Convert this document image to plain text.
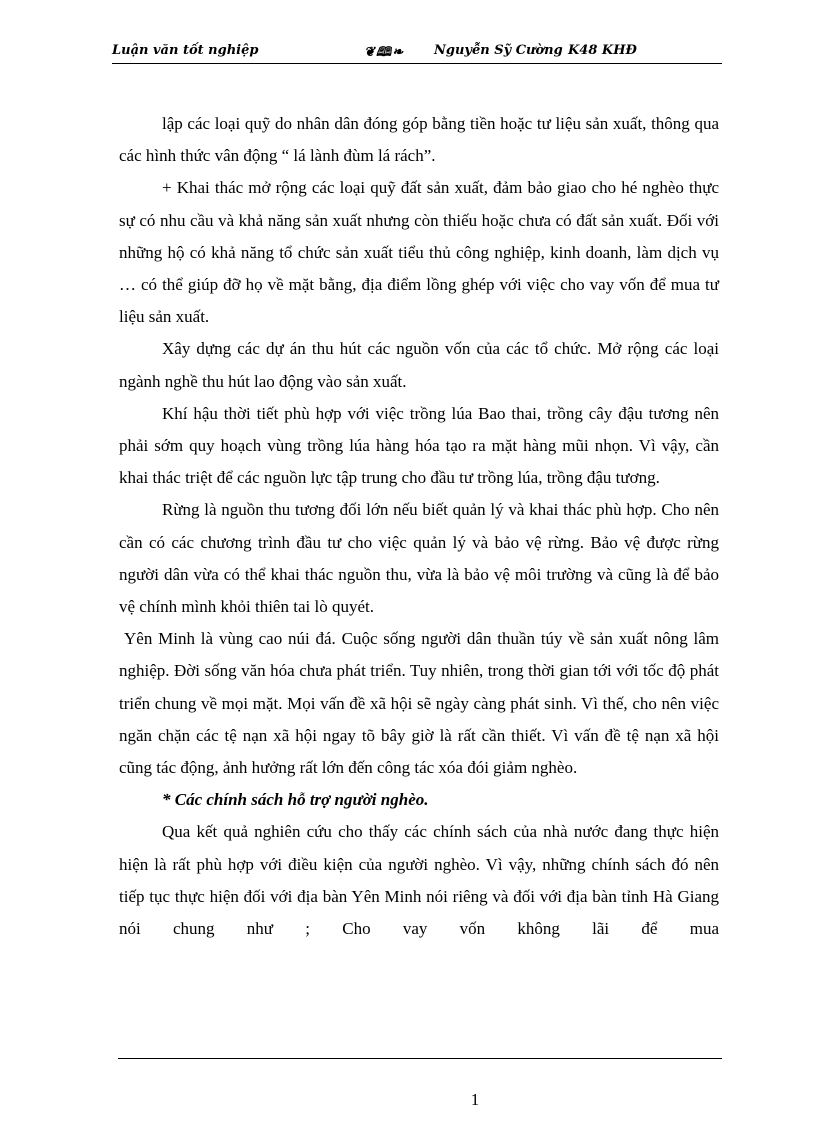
Luận văn tốt nghiệp	❦🕮❧ Nguyễn Sỹ Cường K48 KHĐ

lập các loại quỹ do nhân dân đóng góp bằng tiền hoặc tư liệu sản xuất, thông qua các hình thức vân động “ lá lành đùm lá rách”.

+ Khai thác mở rộng các loại quỹ đất sản xuất, đảm bảo giao cho hé nghèo thực sự có nhu cầu và khả năng sản xuất nhưng còn thiếu hoặc chưa có đất sản xuất. Đối với những hộ có khả năng tổ chức sản xuất tiểu thủ công nghiệp, kinh doanh, làm dịch vụ … có thể giúp đỡ họ về mặt bằng, địa điểm lồng ghép với việc cho vay vốn để mua tư liệu sản xuất.

Xây dựng các dự án thu hút các nguồn vốn của các tổ chức. Mở rộng các loại ngành nghề thu hút lao động vào sản xuất.

Khí hậu thời tiết phù hợp với việc trồng lúa Bao thai, trồng cây đậu tương nên phải sớm quy hoạch vùng trồng lúa hàng hóa tạo ra mặt hàng mũi nhọn. Vì vậy, cần khai thác triệt để các nguồn lực tập trung cho đầu tư trồng lúa, trồng đậu tương.

Rừng là nguồn thu tương đối lớn nếu biết quản lý và khai thác phù hợp. Cho nên cần có các chương trình đầu tư cho việc quản lý và bảo vệ rừng. Bảo vệ được rừng người dân vừa có thể khai thác nguồn thu, vừa là bảo vệ môi trường và cũng là để bảo vệ chính mình khỏi thiên tai lò quyét.

Yên Minh là vùng cao núi đá. Cuộc sống người dân thuần túy về sản xuất nông lâm nghiệp. Đời sống văn hóa chưa phát triển. Tuy nhiên, trong thời gian tới với tốc độ phát triển chung về mọi mặt. Mọi vấn đề xã hội sẽ ngày càng phát sinh. Vì thế, cho nên việc ngăn chặn các tệ nạn xã hội ngay tõ bây giờ là rất cần thiết. Vì vấn đề tệ nạn xã hội cũng tác động, ảnh hưởng rất lớn đến công tác xóa đói giảm nghèo.

* Các chính sách hỗ trợ người nghèo.

Qua kết quả nghiên cứu cho thấy các chính sách của nhà nước đang thực hiện hiện là rất phù hợp với điều kiện của người nghèo. Vì vậy, những chính sách đó nên tiếp tục thực hiện đối với địa bàn Yên Minh nói riêng và đối với địa bàn tỉnh Hà Giang nói chung như ; Cho vay vốn không lãi để mua

1
